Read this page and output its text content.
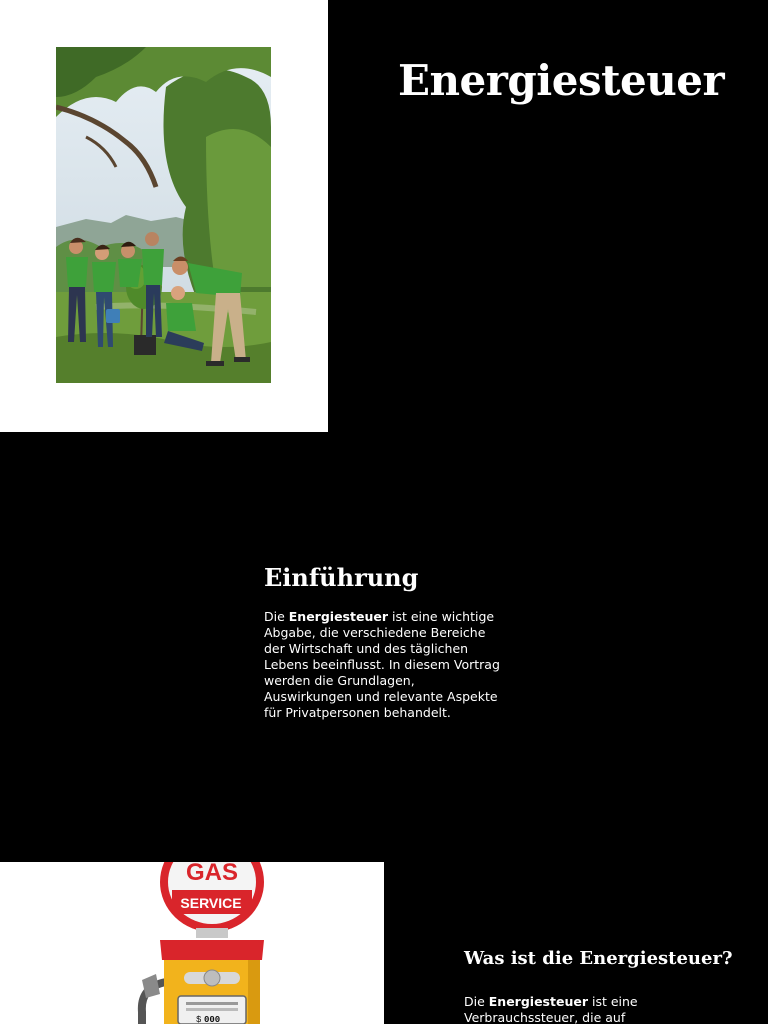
Energiesteuer
Einführung

Die Energiesteuer ist eine wichtige Abgabe, die verschiedene Bereiche der Wirtschaft und des täglichen Lebens beeinflusst. In diesem Vortrag werden die Grundlagen, Auswirkungen und relevante Aspekte für Privatpersonen behandelt.

GAS
SERVICE
$ 000
Was ist die Energiesteuer?

Die Energiesteuer ist eine Verbrauchssteuer, die auf
